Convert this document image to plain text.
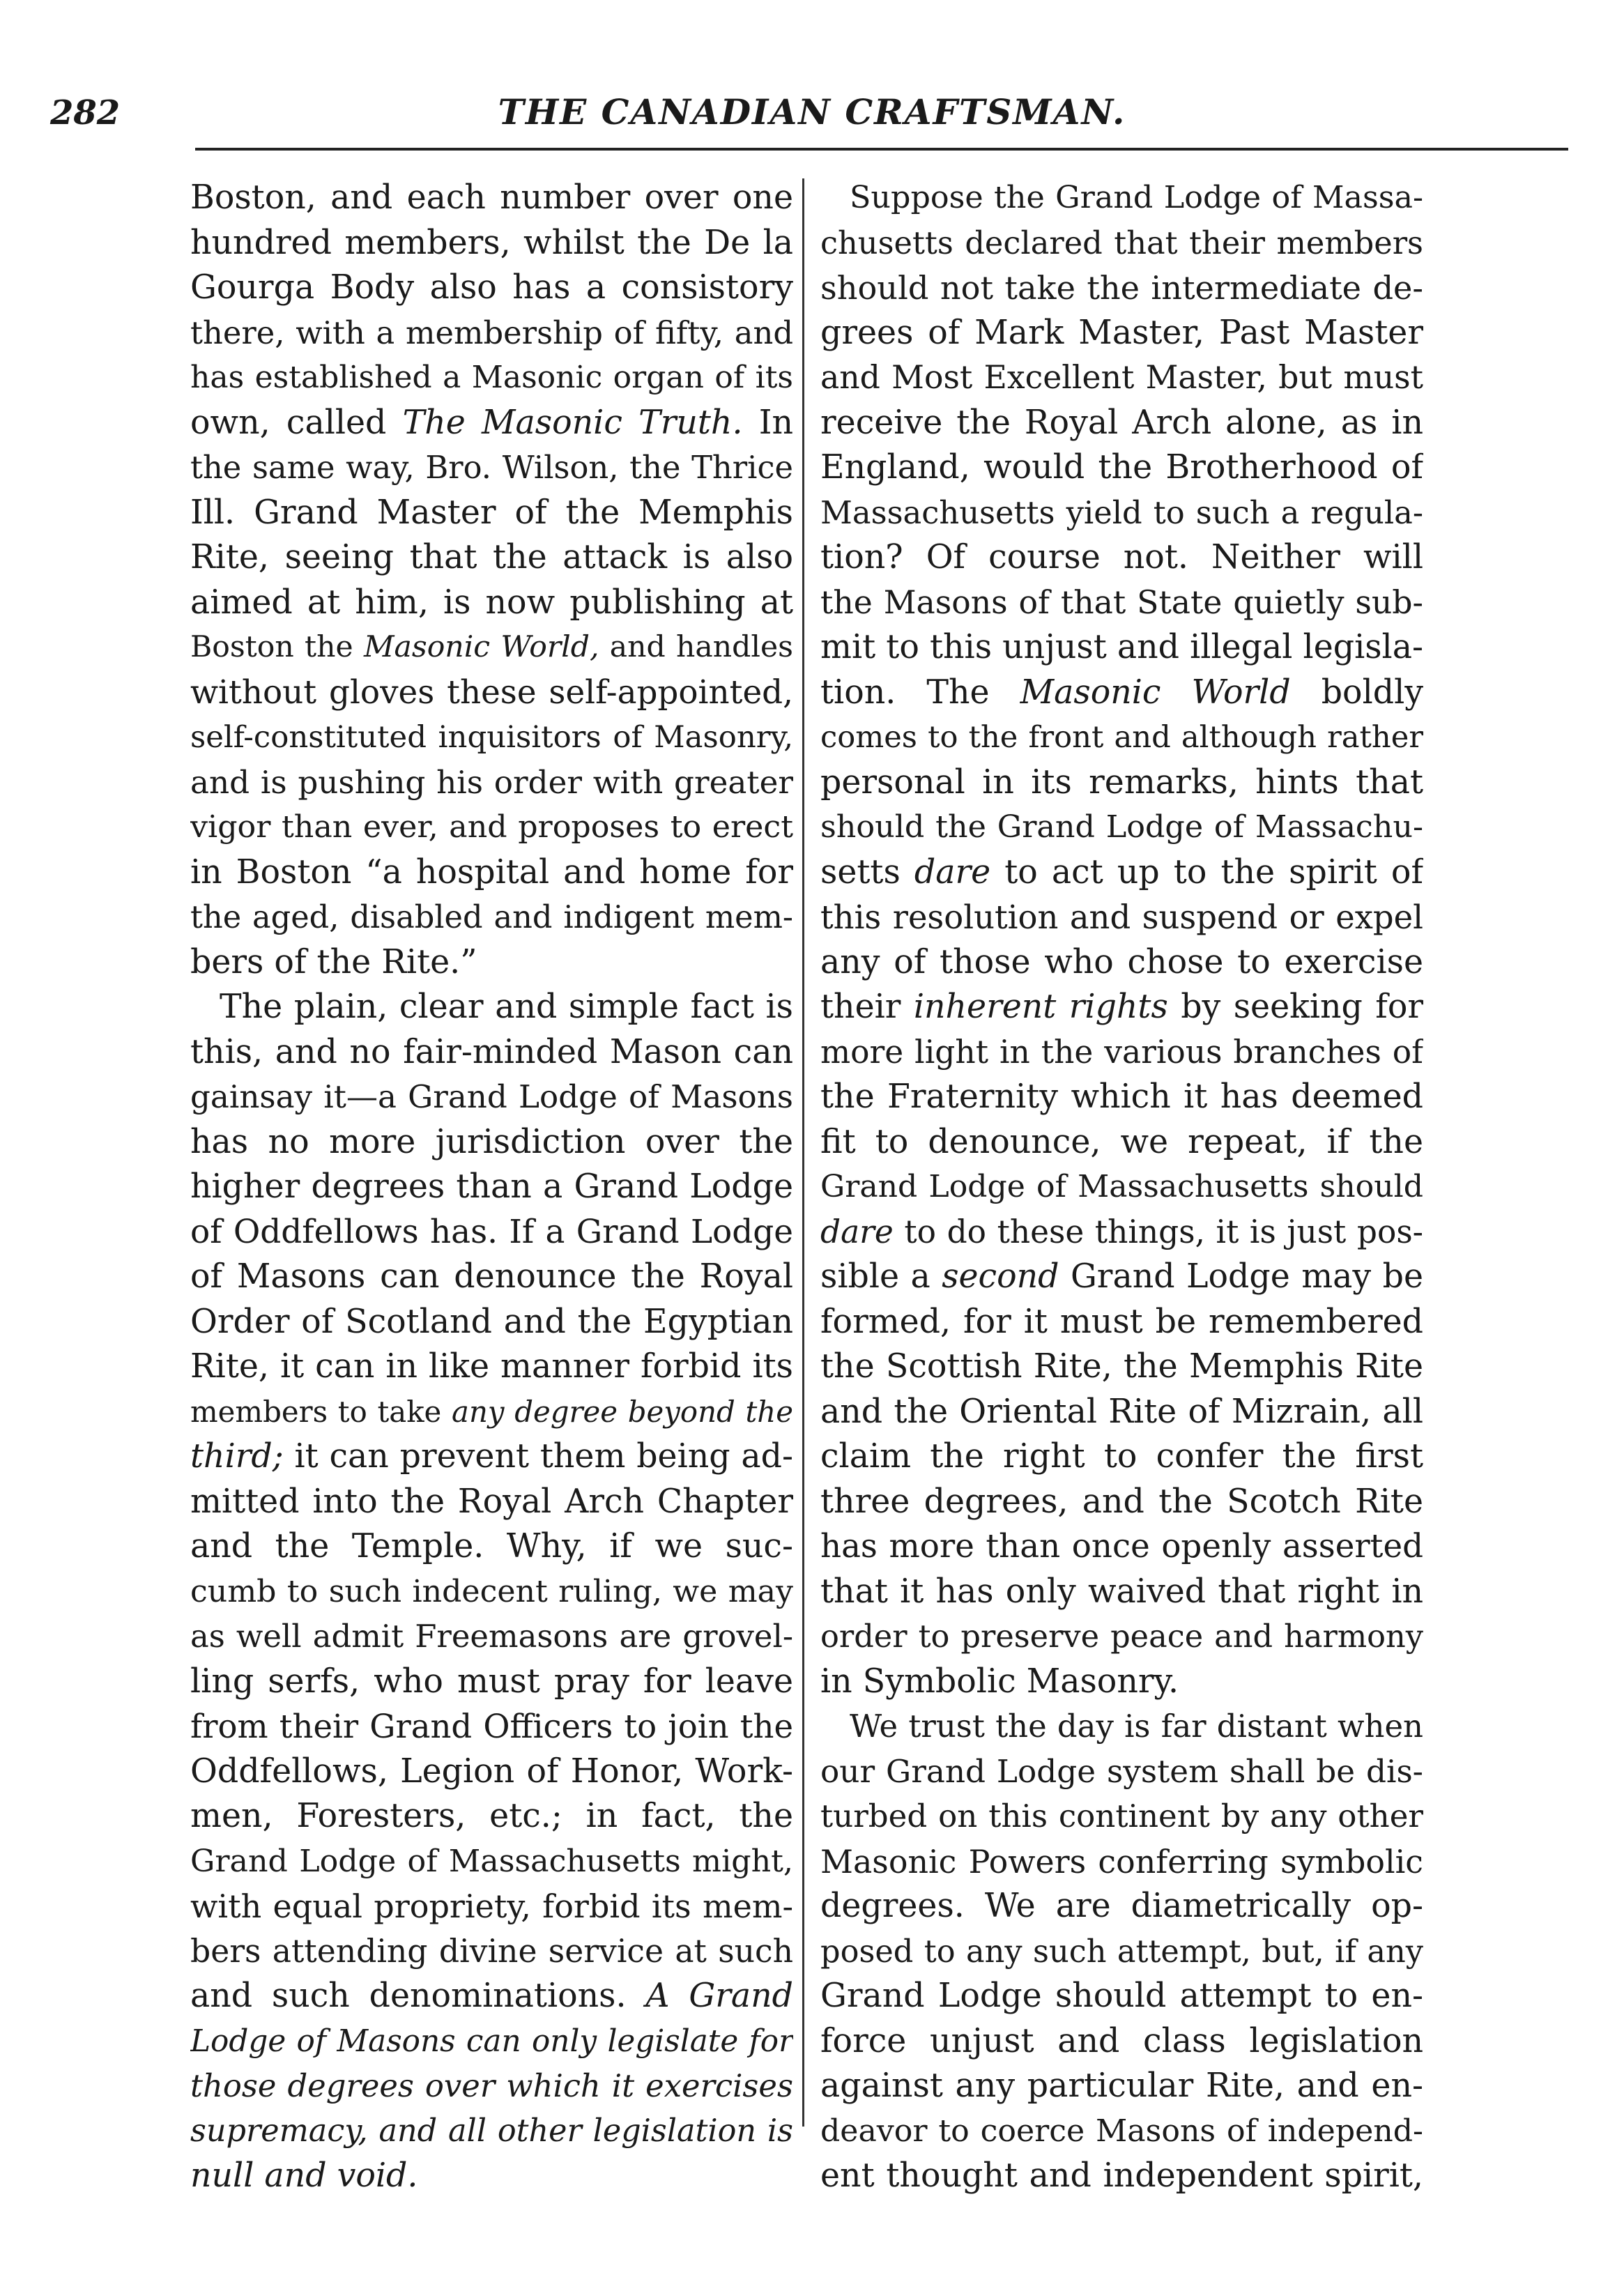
282	THE CANADIAN CRAFTSMAN.
Boston, and each number over one
hundred members, whilst the De la
Gourga Body also has a consistory
there, with a membership of fifty, and
has established a Masonic organ of its
own, called The Masonic Truth. In
the same way, Bro. Wilson, the Thrice
Ill. Grand Master of the Memphis
Rite, seeing that the attack is also
aimed at him, is now publishing at
Boston the Masonic World, and handles
without gloves these self-appointed,
self-constituted inquisitors of Masonry,
and is pushing his order with greater
vigor than ever, and proposes to erect
in Boston “a hospital and home for
the aged, disabled and indigent mem-
bers of the Rite.”
The plain, clear and simple fact is
this, and no fair-minded Mason can
gainsay it—a Grand Lodge of Masons
has no more jurisdiction over the
higher degrees than a Grand Lodge
of Oddfellows has. If a Grand Lodge
of Masons can denounce the Royal
Order of Scotland and the Egyptian
Rite, it can in like manner forbid its
members to take any degree beyond the
third; it can prevent them being ad-
mitted into the Royal Arch Chapter
and the Temple. Why, if we suc-
cumb to such indecent ruling, we may
as well admit Freemasons are grovel-
ling serfs, who must pray for leave
from their Grand Officers to join the
Oddfellows, Legion of Honor, Work-
men, Foresters, etc.; in fact, the
Grand Lodge of Massachusetts might,
with equal propriety, forbid its mem-
bers attending divine service at such
and such denominations. A Grand
Lodge of Masons can only legislate for
those degrees over which it exercises
supremacy, and all other legislation is
null and void.
Suppose the Grand Lodge of Massa-
chusetts declared that their members
should not take the intermediate de-
grees of Mark Master, Past Master
and Most Excellent Master, but must
receive the Royal Arch alone, as in
England, would the Brotherhood of
Massachusetts yield to such a regula-
tion? Of course not. Neither will
the Masons of that State quietly sub-
mit to this unjust and illegal legisla-
tion. The Masonic World boldly
comes to the front and although rather
personal in its remarks, hints that
should the Grand Lodge of Massachu-
setts dare to act up to the spirit of
this resolution and suspend or expel
any of those who chose to exercise
their inherent rights by seeking for
more light in the various branches of
the Fraternity which it has deemed
fit to denounce, we repeat, if the
Grand Lodge of Massachusetts should
dare to do these things, it is just pos-
sible a second Grand Lodge may be
formed, for it must be remembered
the Scottish Rite, the Memphis Rite
and the Oriental Rite of Mizrain, all
claim the right to confer the first
three degrees, and the Scotch Rite
has more than once openly asserted
that it has only waived that right in
order to preserve peace and harmony
in Symbolic Masonry.
We trust the day is far distant when
our Grand Lodge system shall be dis-
turbed on this continent by any other
Masonic Powers conferring symbolic
degrees. We are diametrically op-
posed to any such attempt, but, if any
Grand Lodge should attempt to en-
force unjust and class legislation
against any particular Rite, and en-
deavor to coerce Masons of independ-
ent thought and independent spirit,
